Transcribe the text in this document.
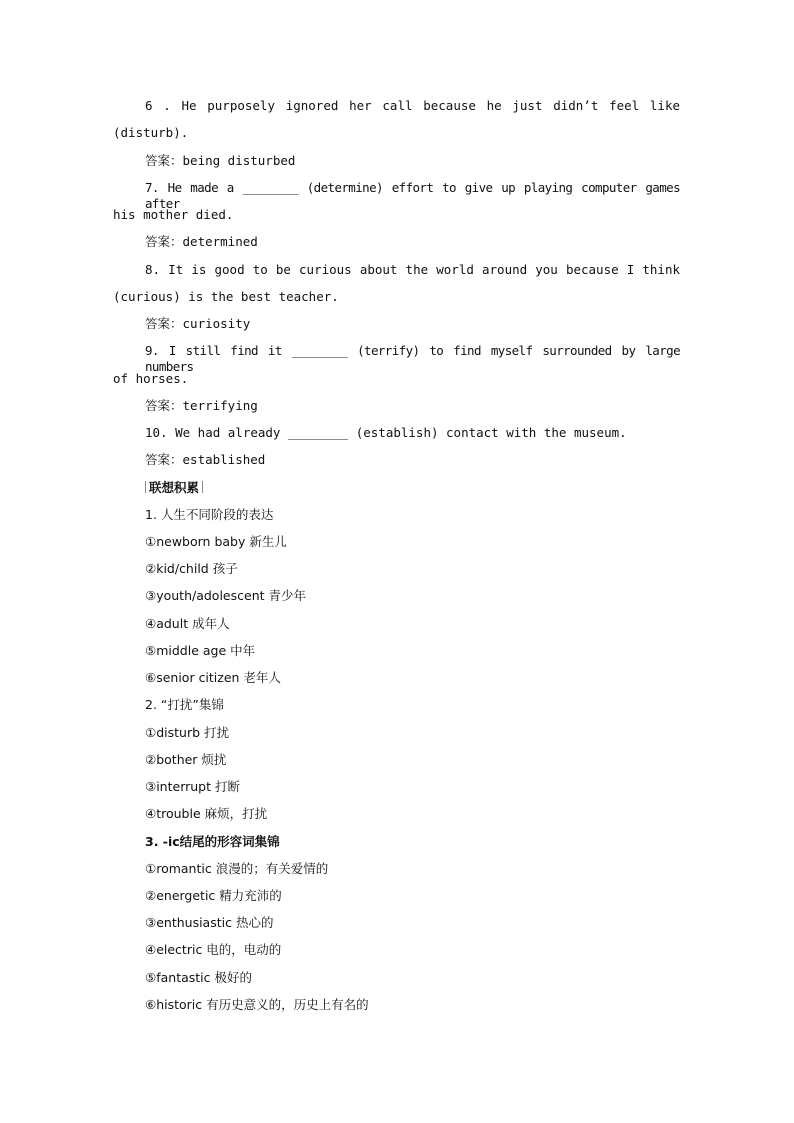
6 . He purposely ignored her call because he just didn’t feel like
(disturb).
答案：being disturbed
7. He made a ________ (determine) effort to give up playing computer games after
his mother died.
答案：determined
8. It is good to be curious about the world around you because I think
(curious) is the best teacher.
答案：curiosity
9. I still find it ________ (terrify) to find myself surrounded by large numbers
of horses.
答案：terrifying
10. We had already ________ (establish) contact with the museum.
答案：established
联想积累
1. 人生不同阶段的表达
①newborn baby 新生儿
②kid/child 孩子
③youth/adolescent 青少年
④adult 成年人
⑤middle age 中年
⑥senior citizen 老年人
2. “打扰”集锦
①disturb 打扰
②bother 烦扰
③interrupt 打断
④trouble 麻烦，打扰
3. -ic结尾的形容词集锦
①romantic 浪漫的；有关爱情的
②energetic 精力充沛的
③enthusiastic 热心的
④electric 电的，电动的
⑤fantastic 极好的
⑥historic 有历史意义的，历史上有名的
